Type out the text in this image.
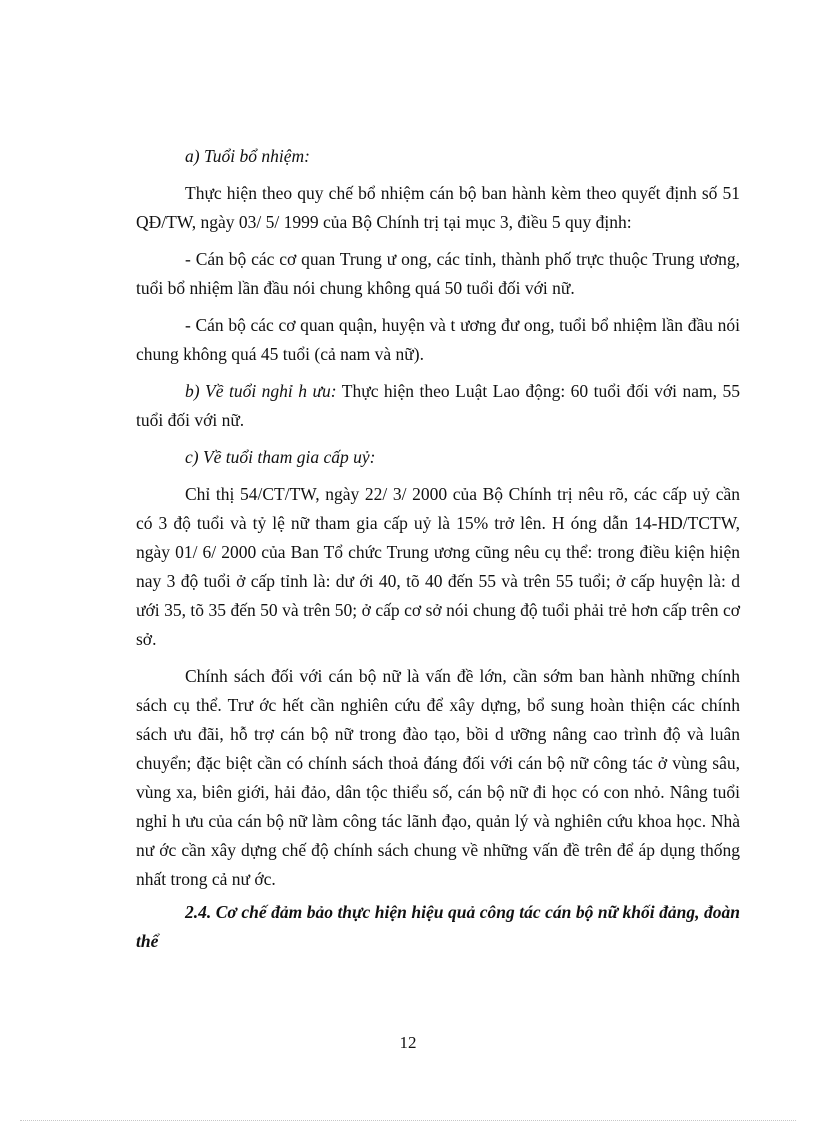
a) Tuổi bổ nhiệm:

Thực hiện theo quy chế bổ nhiệm cán bộ ban hành kèm theo quyết định số 51 QĐ/TW, ngày 03/ 5/ 1999 của Bộ Chính trị tại mục 3, điều 5 quy định:

- Cán bộ các cơ quan Trung ư ong, các tỉnh, thành phố trực thuộc Trung ương, tuổi bổ nhiệm lần đầu nói chung không quá 50 tuổi đối với nữ.

- Cán bộ các cơ quan quận, huyện và t ương đư ong, tuổi bổ nhiệm lần đầu nói chung không quá 45 tuổi (cả nam và nữ).

b) Về tuổi nghỉ h ưu: Thực hiện theo Luật Lao động: 60 tuổi đối với nam, 55 tuổi đối với nữ.

c) Về tuổi tham gia cấp uỷ:

Chỉ thị 54/CT/TW, ngày 22/ 3/ 2000 của Bộ Chính trị nêu rõ, các cấp uỷ cần có 3 độ tuổi và tỷ lệ nữ tham gia cấp uỷ là 15% trở lên. H óng dẫn 14-HD/TCTW, ngày 01/ 6/ 2000 của Ban Tổ chức Trung ương cũng nêu cụ thể: trong điều kiện hiện nay 3 độ tuổi ở cấp tỉnh là: dư ới 40, tõ 40 đến 55 và trên 55 tuổi; ở cấp huyện là: d ưới 35, tõ 35 đến 50 và trên 50; ở cấp cơ sở nói chung độ tuổi phải trẻ hơn cấp trên cơ sở.

Chính sách đối với cán bộ nữ là vấn đề lớn, cần sớm ban hành những chính sách cụ thể. Trư ớc hết cần nghiên cứu để xây dựng, bổ sung hoàn thiện các chính sách ưu đãi, hỗ trợ cán bộ nữ trong đào tạo, bồi d ưỡng nâng cao trình độ và luân chuyển; đặc biệt cần có chính sách thoả đáng đối với cán bộ nữ công tác ở vùng sâu, vùng xa, biên giới, hải đảo, dân tộc thiểu số, cán bộ nữ đi học có con nhỏ. Nâng tuổi nghỉ h ưu của cán bộ nữ làm công tác lãnh đạo, quản lý và nghiên cứu khoa học. Nhà nư ớc cần xây dựng chế độ chính sách chung về những vấn đề trên để áp dụng thống nhất trong cả nư ớc.

2.4. Cơ chế đảm bảo thực hiện hiệu quả công tác cán bộ nữ khối đảng, đoàn thể

12
